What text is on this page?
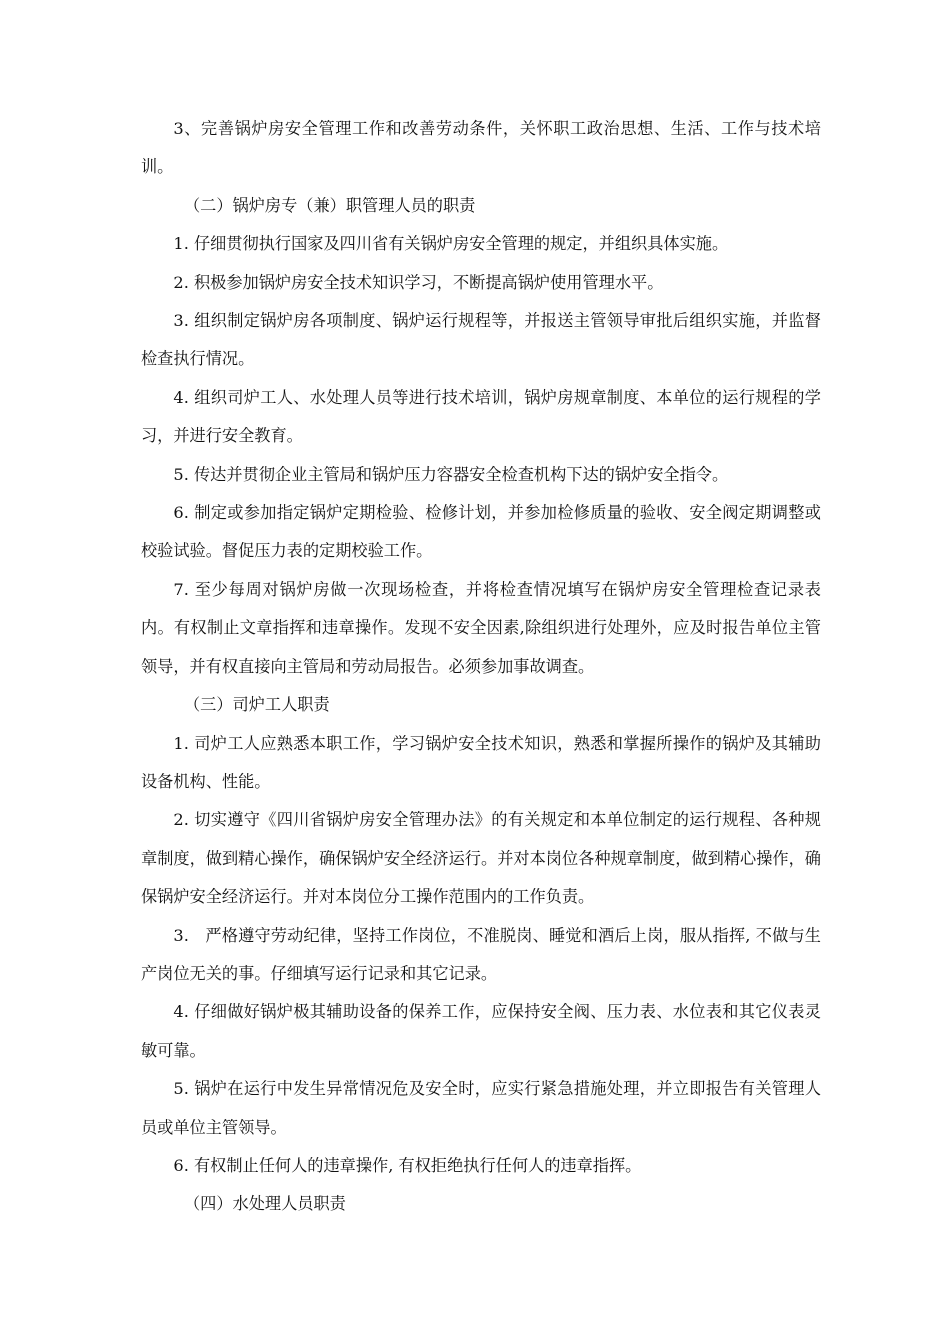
3、完善锅炉房安全管理工作和改善劳动条件，关怀职工政治思想、生活、工作与技术培训。

（二）锅炉房专（兼）职管理人员的职责

1. 仔细贯彻执行国家及四川省有关锅炉房安全管理的规定，并组织具体实施。

2. 积极参加锅炉房安全技术知识学习，不断提高锅炉使用管理水平。

3. 组织制定锅炉房各项制度、锅炉运行规程等，并报送主管领导审批后组织实施，并监督检查执行情况。

4. 组织司炉工人、水处理人员等进行技术培训，锅炉房规章制度、本单位的运行规程的学习，并进行安全教育。

5. 传达并贯彻企业主管局和锅炉压力容器安全检查机构下达的锅炉安全指令。

6. 制定或参加指定锅炉定期检验、检修计划，并参加检修质量的验收、安全阀定期调整或校验试验。督促压力表的定期校验工作。

7. 至少每周对锅炉房做一次现场检查，并将检查情况填写在锅炉房安全管理检查记录表内。有权制止文章指挥和违章操作。发现不安全因素,除组织进行处理外，应及时报告单位主管领导，并有权直接向主管局和劳动局报告。必须参加事故调查。

（三）司炉工人职责

1. 司炉工人应熟悉本职工作，学习锅炉安全技术知识，熟悉和掌握所操作的锅炉及其辅助设备机构、性能。

2. 切实遵守《四川省锅炉房安全管理办法》的有关规定和本单位制定的运行规程、各种规章制度，做到精心操作，确保锅炉安全经济运行。并对本岗位各种规章制度，做到精心操作，确保锅炉安全经济运行。并对本岗位分工操作范围内的工作负责。

3.　严格遵守劳动纪律，坚持工作岗位，不准脱岗、睡觉和酒后上岗，服从指挥, 不做与生产岗位无关的事。仔细填写运行记录和其它记录。

4. 仔细做好锅炉极其辅助设备的保养工作，应保持安全阀、压力表、水位表和其它仪表灵敏可靠。

5. 锅炉在运行中发生异常情况危及安全时，应实行紧急措施处理，并立即报告有关管理人员或单位主管领导。

6. 有权制止任何人的违章操作, 有权拒绝执行任何人的违章指挥。

（四）水处理人员职责
